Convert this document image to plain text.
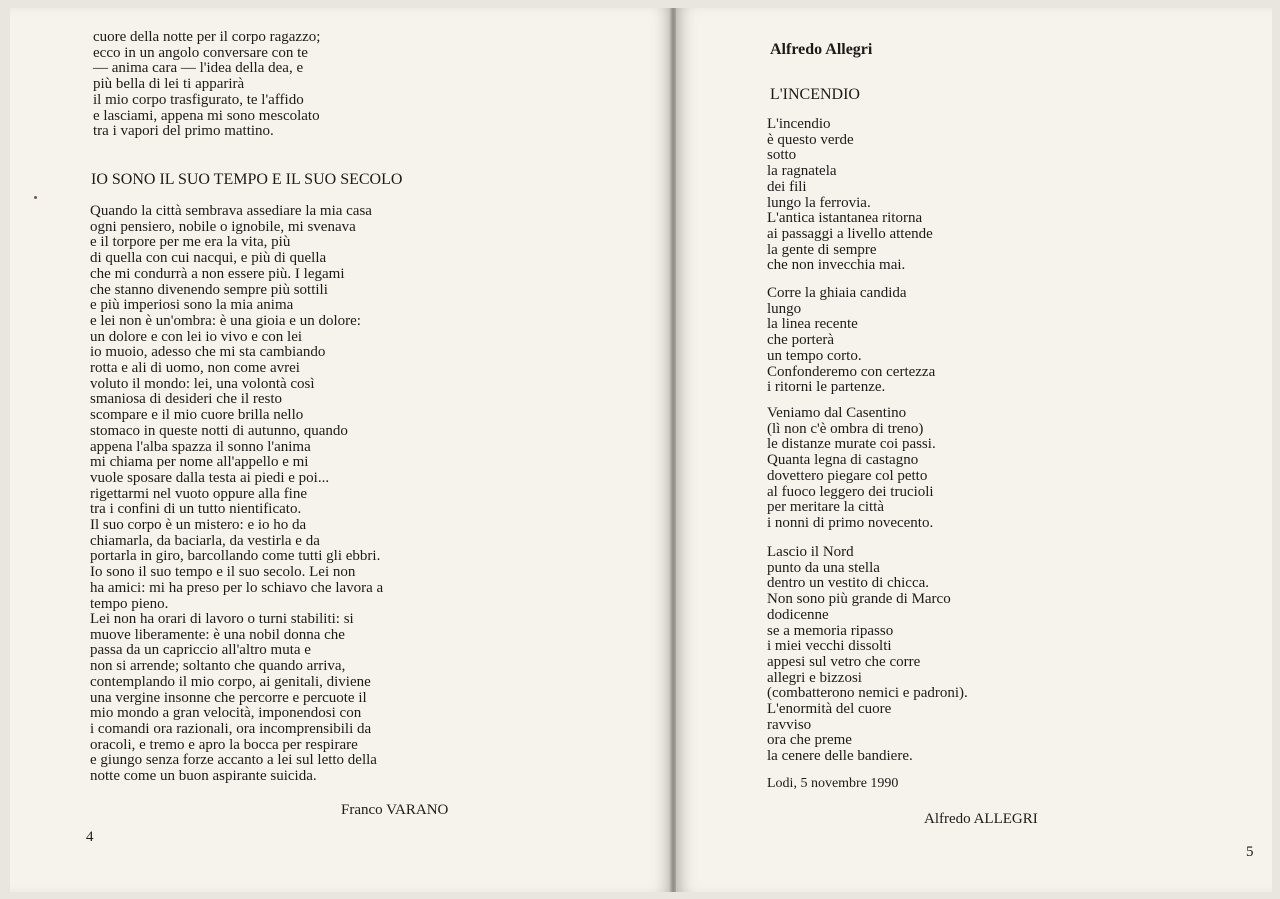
cuore della notte per il corpo ragazzo;
ecco in un angolo conversare con te
— anima cara — l'idea della dea, e
più bella di lei ti apparirà
il mio corpo trasfigurato, te l'affido
e lasciami, appena mi sono mescolato
tra i vapori del primo mattino.
IO SONO IL SUO TEMPO E IL SUO SECOLO
Quando la città sembrava assediare la mia casa
ogni pensiero, nobile o ignobile, mi svenava
e il torpore per me era la vita, più
di quella con cui nacqui, e più di quella
che mi condurrà a non essere più. I legami
che stanno divenendo sempre più sottili
e più imperiosi sono la mia anima
e lei non è un'ombra: è una gioia e un dolore:
un dolore e con lei io vivo e con lei
io muoio, adesso che mi sta cambiando
rotta e ali di uomo, non come avrei
voluto il mondo: lei, una volontà così
smaniosa di desideri che il resto
scompare e il mio cuore brilla nello
stomaco in queste notti di autunno, quando
appena l'alba spazza il sonno l'anima
mi chiama per nome all'appello e mi
vuole sposare dalla testa ai piedi e poi...
rigettarmi nel vuoto oppure alla fine
tra i confini di un tutto nientificato.
Il suo corpo è un mistero: e io ho da
chiamarla, da baciarla, da vestirla e da
portarla in giro, barcollando come tutti gli ebbri.
Io sono il suo tempo e il suo secolo. Lei non
ha amici: mi ha preso per lo schiavo che lavora a
tempo pieno.
Lei non ha orari di lavoro o turni stabiliti: si
muove liberamente: è una nobil donna che
passa da un capriccio all'altro muta e
non si arrende; soltanto che quando arriva,
contemplando il mio corpo, ai genitali, diviene
una vergine insonne che percorre e percuote il
mio mondo a gran velocità, imponendosi con
i comandi ora razionali, ora incomprensibili da
oracoli, e tremo e apro la bocca per respirare
e giungo senza forze accanto a lei sul letto della
notte come un buon aspirante suicida.
Franco VARANO
4
Alfredo Allegri
L'INCENDIO
L'incendio
è questo verde
sotto
la ragnatela
dei fili
lungo la ferrovia.
L'antica istantanea ritorna
ai passaggi a livello attende
la gente di sempre
che non invecchia mai.
Corre la ghiaia candida
lungo
la linea recente
che porterà
un tempo corto.
Confonderemo con certezza
i ritorni le partenze.
Veniamo dal Casentino
(lì non c'è ombra di treno)
le distanze murate coi passi.
Quanta legna di castagno
dovettero piegare col petto
al fuoco leggero dei trucioli
per meritare la città
i nonni di primo novecento.
Lascio il Nord
punto da una stella
dentro un vestito di chicca.
Non sono più grande di Marco
dodicenne
se a memoria ripasso
i miei vecchi dissolti
appesi sul vetro che corre
allegri e bizzosi
(combatterono nemici e padroni).
L'enormità del cuore
ravviso
ora che preme
la cenere delle bandiere.
Lodi, 5 novembre 1990
Alfredo ALLEGRI
5
